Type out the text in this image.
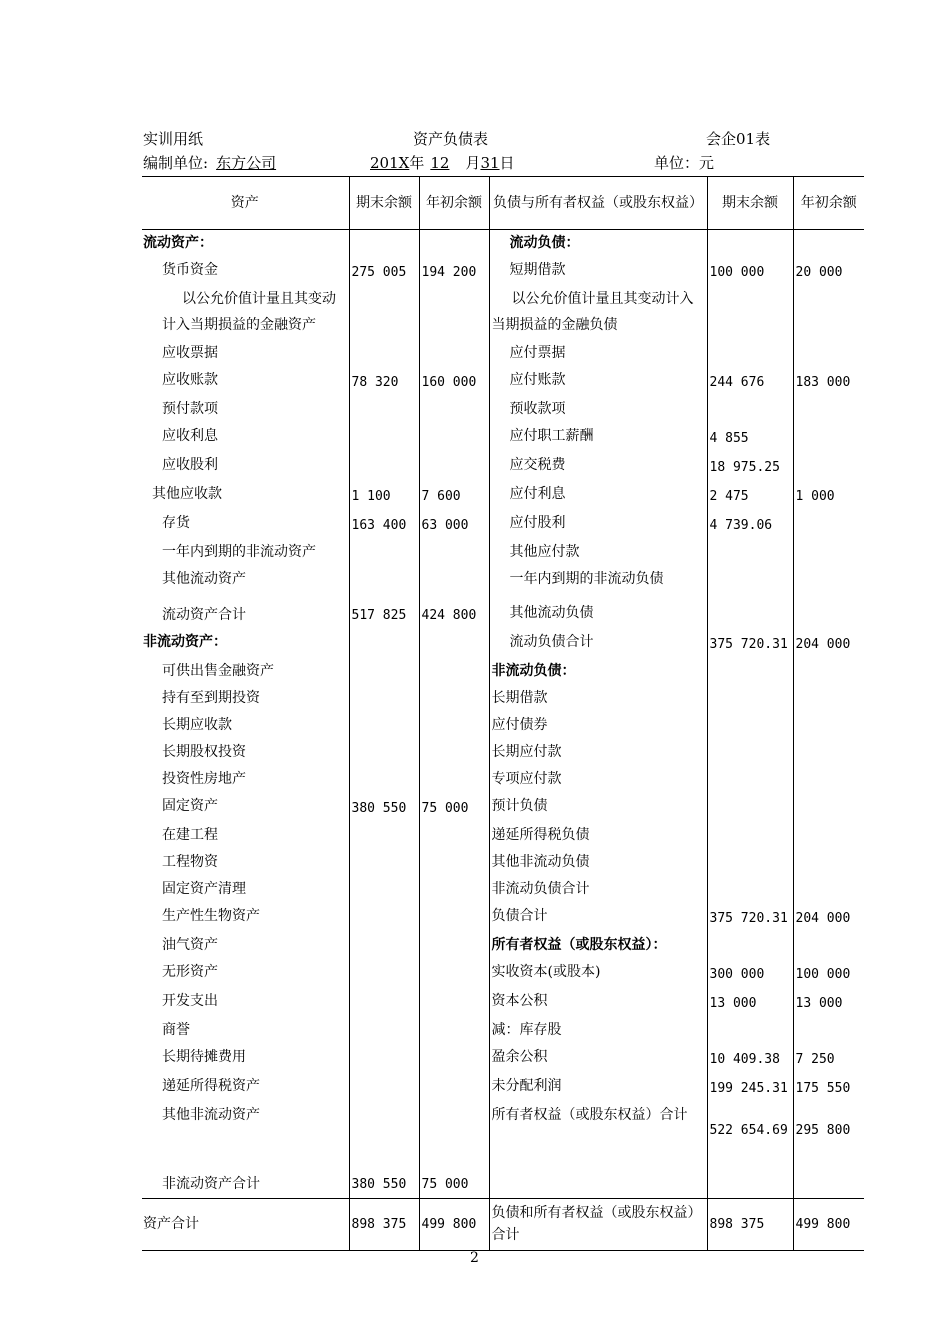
实训用纸	资产负债表	会企01表
编制单位: 东方公司	201X年 12 月31日	单位：元
资产	期末余额	年初余额	负债与所有者权益（或股东权益）	期末余额	年初余额
流动资产：			流动负债：		
货币资金	275 005	194 200	短期借款	100 000	20 000
以公允价值计量且其变动计入当期损益的金融资产			以公允价值计量且其变动计入当期损益的金融负债		
应收票据			应付票据		
应收账款	78 320	160 000	应付账款	244 676	183 000
预付款项			预收款项		
应收利息			应付职工薪酬	4 855	
应收股利			应交税费	18 975.25	
其他应收款	1 100	7 600	应付利息	2 475	1 000
存货	163 400	63 000	应付股利	4 739.06	
一年内到期的非流动资产			其他应付款		
其他流动资产			一年内到期的非流动负债		
流动资产合计	517 825	424 800	其他流动负债		
非流动资产：			流动负债合计	375 720.31	204 000
可供出售金融资产			非流动负债：		
持有至到期投资			长期借款		
长期应收款			应付债券		
长期股权投资			长期应付款		
投资性房地产			专项应付款		
固定资产	380 550	75 000	预计负债		
在建工程			递延所得税负债		
工程物资			其他非流动负债		
固定资产清理			非流动负债合计		
生产性生物资产			负债合计	375 720.31	204 000
油气资产			所有者权益（或股东权益）：		
无形资产			实收资本(或股本)	300 000	100 000
开发支出			资本公积	13 000	13 000
商誉			减：库存股		
长期待摊费用			盈余公积	10 409.38	7 250
递延所得税资产			未分配利润	199 245.31	175 550
其他非流动资产			所有者权益（或股东权益）合计	522 654.69	295 800
非流动资产合计	380 550	75 000			
资产合计	898 375	499 800	负债和所有者权益（或股东权益）合计	898 375	499 800
2
